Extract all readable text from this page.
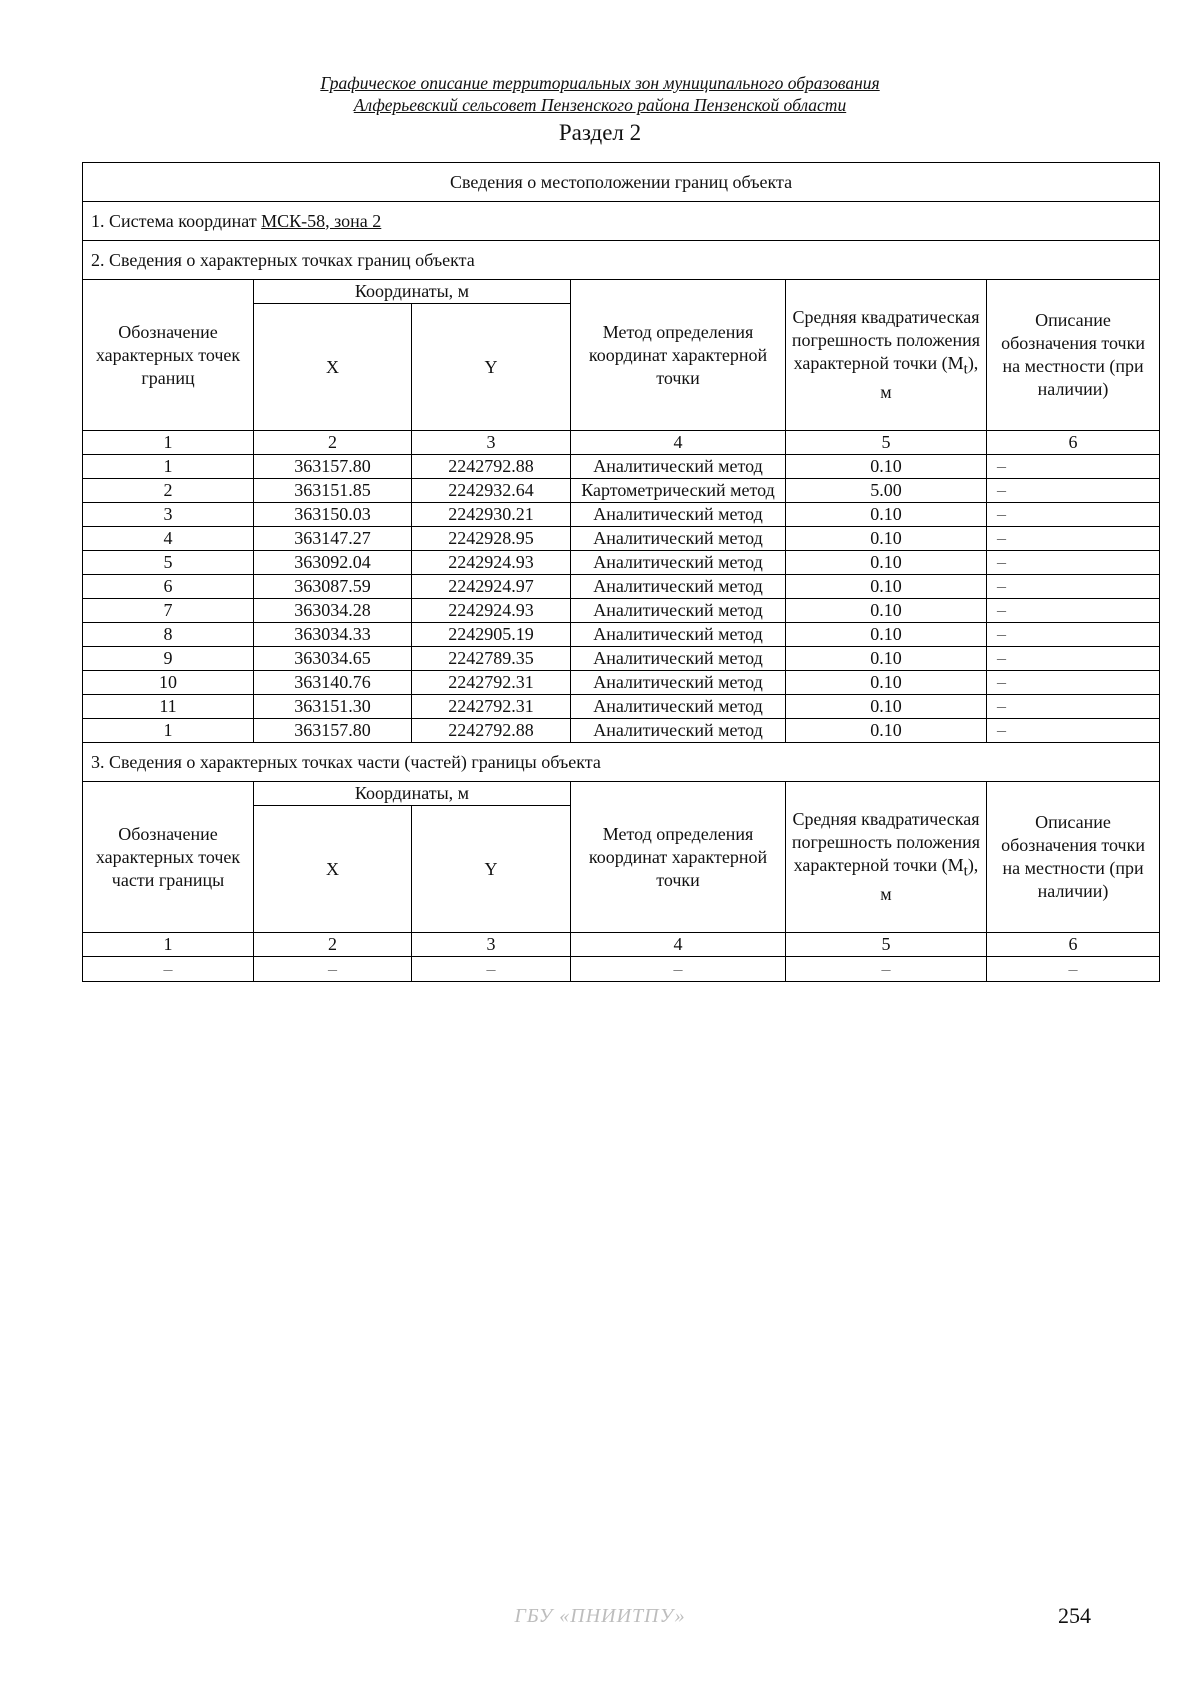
Графическое описание территориальных зон муниципального образования
Алферьевский сельсовет Пензенского района Пензенской области
Раздел 2
Сведения о местоположении границ объекта					
1. Система координат МСК-58, зона 2					
2. Сведения о характерных точках границ объекта					
Обозначение характерных точек границ	Координаты, м		Метод определения координат характерной точки	Средняя квадратическая погрешность положения характерной точки $(M_t)$, м	Описание обозначения точки на местности (при наличии)
	X	Y			
1	2	3	4	5	6
1	363157.80	2242792.88	Аналитический метод	0.10	–
2	363151.85	2242932.64	Картометрический метод	5.00	–
3	363150.03	2242930.21	Аналитический метод	0.10	–
4	363147.27	2242928.95	Аналитический метод	0.10	–
5	363092.04	2242924.93	Аналитический метод	0.10	–
6	363087.59	2242924.97	Аналитический метод	0.10	–
7	363034.28	2242924.93	Аналитический метод	0.10	–
8	363034.33	2242905.19	Аналитический метод	0.10	–
9	363034.65	2242789.35	Аналитический метод	0.10	–
10	363140.76	2242792.31	Аналитический метод	0.10	–
11	363151.30	2242792.31	Аналитический метод	0.10	–
1	363157.80	2242792.88	Аналитический метод	0.10	–
3. Сведения о характерных точках части (частей) границы объекта					
Обозначение характерных точек части границы	Координаты, м		Метод определения координат характерной точки	Средняя квадратическая погрешность положения характерной точки $(M_t)$, м	Описание обозначения точки на местности (при наличии)
	X	Y			
1	2	3	4	5	6
–	–	–	–	–	–
ГБУ «ПНИИТПУ»	254
